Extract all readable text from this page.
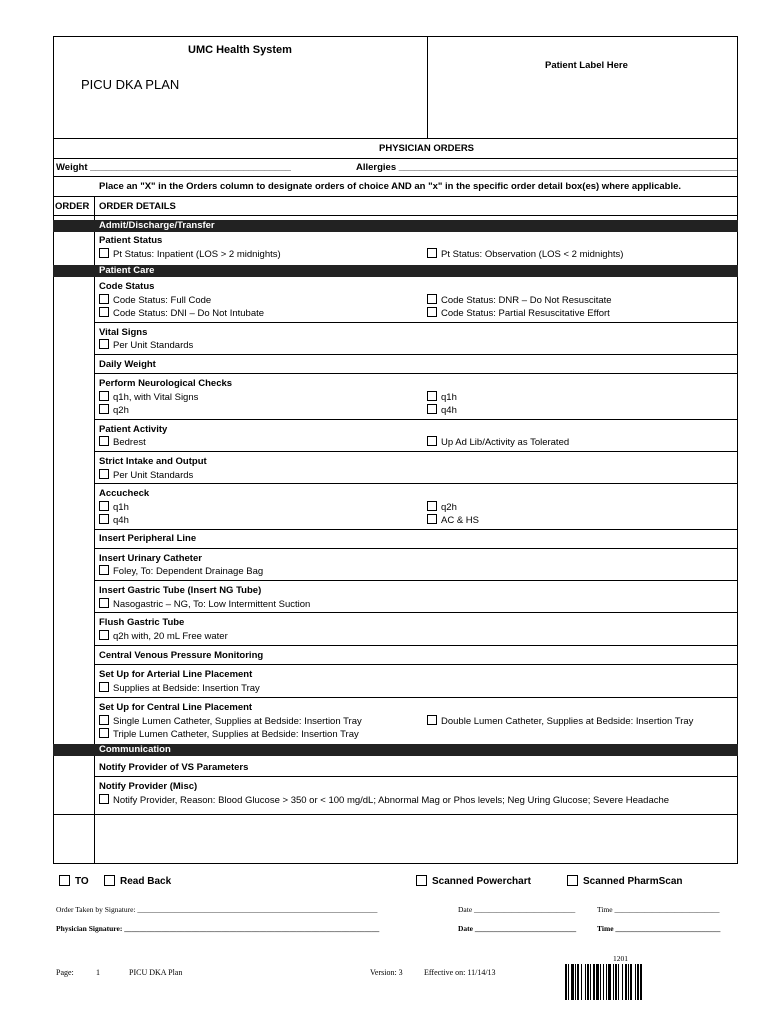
UMC Health System
PICU DKA PLAN
Patient Label Here
PHYSICIAN ORDERS
Weight ______________________________________	Allergies ________________________________________________________________
Place an "X" in the Orders column to designate orders of choice AND an "x" in the specific order detail box(es) where applicable.
ORDER ORDER DETAILS
Admit/Discharge/Transfer
Patient Status
Pt Status: Inpatient (LOS > 2 midnights)	Pt Status: Observation (LOS < 2 midnights)
Patient Care
Code Status
Code Status: Full Code	Code Status: DNR – Do Not Resuscitate
Code Status: DNI – Do Not Intubate	Code Status: Partial Resuscitative Effort
Vital Signs
Per Unit Standards
Daily Weight
Perform Neurological Checks
q1h, with Vital Signs	q1h
q2h	q4h
Patient Activity
Bedrest	Up Ad Lib/Activity as Tolerated
Strict Intake and Output
Per Unit Standards
Accucheck
q1h	q2h
q4h	AC & HS
Insert Peripheral Line
Insert Urinary Catheter
Foley, To: Dependent Drainage Bag
Insert Gastric Tube (Insert NG Tube)
Nasogastric – NG, To: Low Intermittent Suction
Flush Gastric Tube
q2h with, 20 mL Free water
Central Venous Pressure Monitoring
Set Up for Arterial Line Placement
Supplies at Bedside: Insertion Tray
Set Up for Central Line Placement
Single Lumen Catheter, Supplies at Bedside: Insertion Tray	Double Lumen Catheter, Supplies at Bedside: Insertion Tray
Triple Lumen Catheter, Supplies at Bedside: Insertion Tray
Communication
Notify Provider of VS Parameters
Notify Provider (Misc)
Notify Provider, Reason: Blood Glucose > 350 or < 100 mg/dL; Abnormal Mag or Phos levels; Neg Uring Glucose; Severe Headache
TO	Read Back	Scanned Powerchart	Scanned PharmScan
Order Taken by Signature: ________________________________________________________________	Date ___________________________	Time ____________________________
Physician Signature: ____________________________________________________________________	Date ___________________________	Time ____________________________
Page:	1	PICU DKA Plan	Version: 3	Effective on: 11/14/13
1201
